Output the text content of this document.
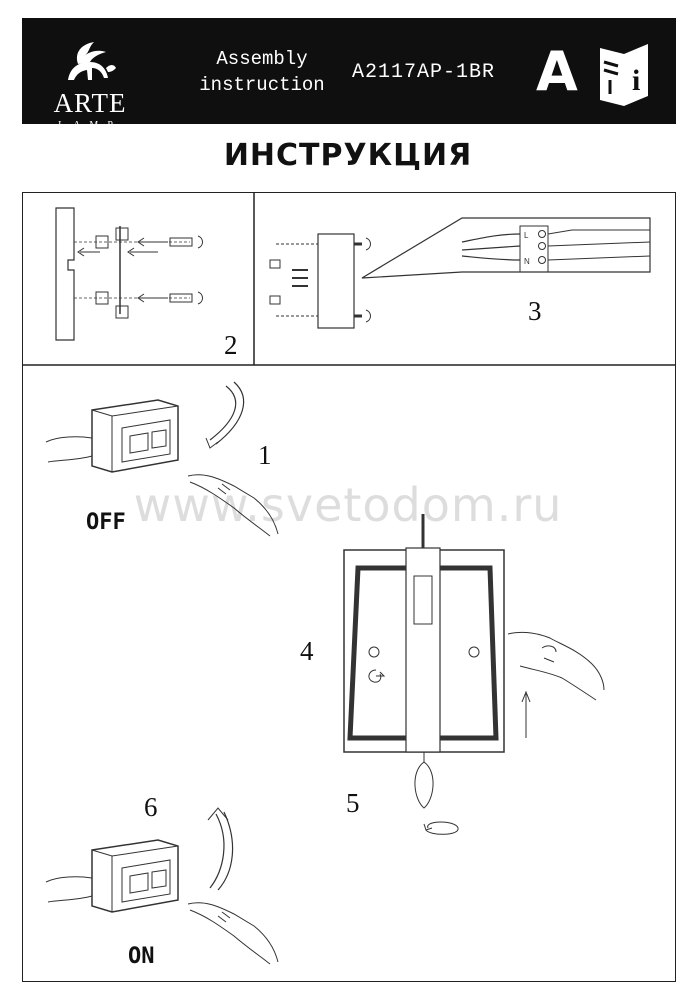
ARTE
LAMP
Assembly instruction
A2117AP-1BR A i
ИНСТРУКЦИЯ
www.svetodom.ru
2
L
N
3
1
OFF
4
5
6
ON
